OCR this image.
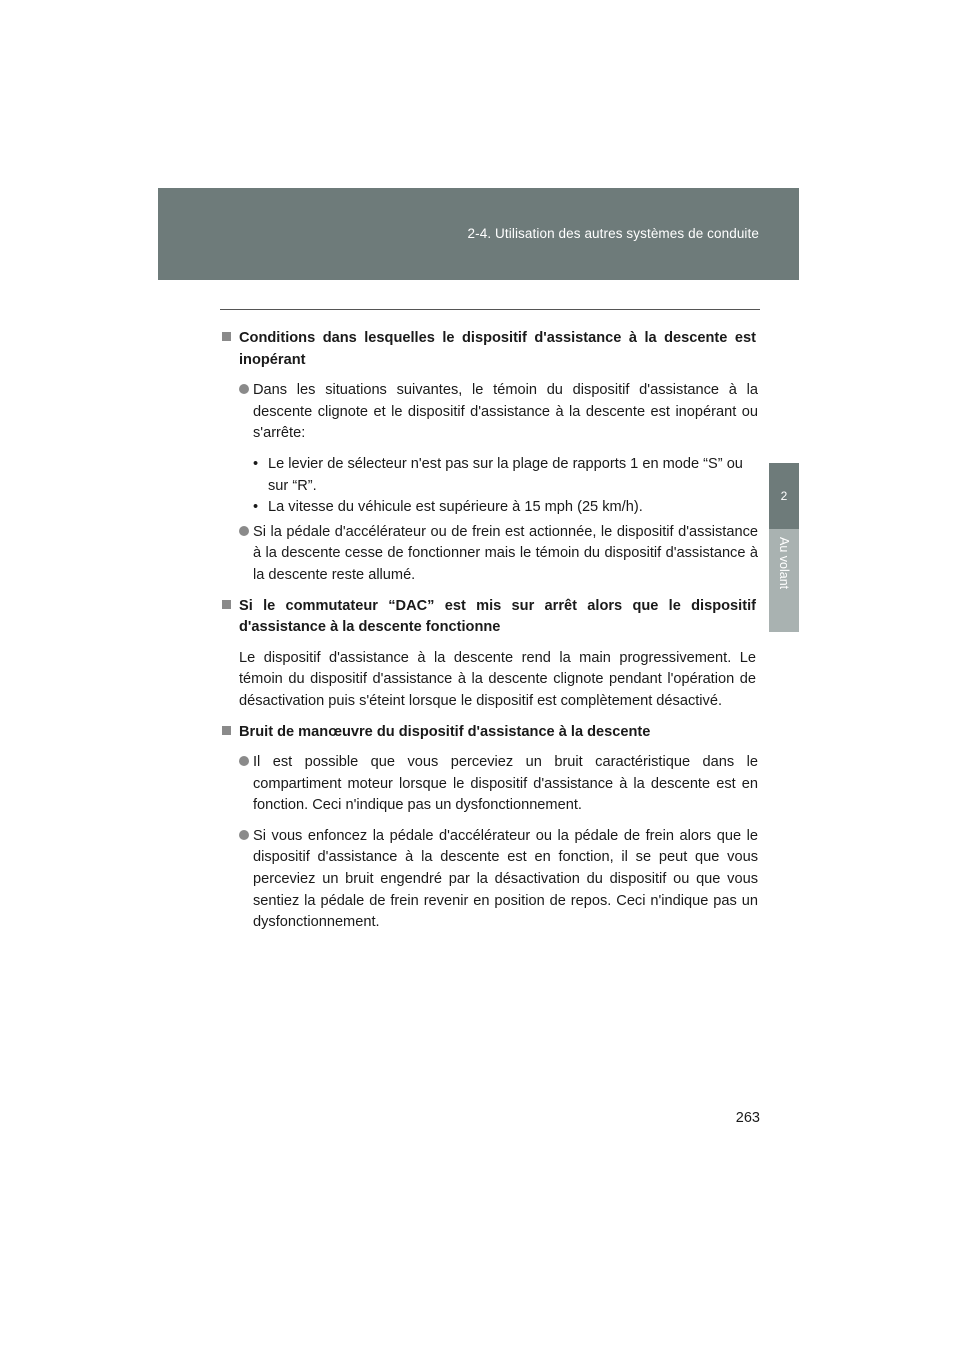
2-4. Utilisation des autres systèmes de conduite
2
Au volant
Conditions dans lesquelles le dispositif d'assistance à la descente est inopérant
Dans les situations suivantes, le témoin du dispositif d'assistance à la descente clignote et le dispositif d'assistance à la descente est inopérant ou s'arrête:
• Le levier de sélecteur n'est pas sur la plage de rapports 1 en mode “S” ou sur “R”.
• La vitesse du véhicule est supérieure à 15 mph (25 km/h).
Si la pédale d'accélérateur ou de frein est actionnée, le dispositif d'assistance à la descente cesse de fonctionner mais le témoin du dispositif d'assistance à la descente reste allumé.
Si le commutateur “DAC” est mis sur arrêt alors que le dispositif d'assistance à la descente fonctionne
Le dispositif d'assistance à la descente rend la main progressivement. Le témoin du dispositif d'assistance à la descente clignote pendant l'opération de désactivation puis s'éteint lorsque le dispositif est complètement désactivé.
Bruit de manœuvre du dispositif d'assistance à la descente
Il est possible que vous perceviez un bruit caractéristique dans le compartiment moteur lorsque le dispositif d'assistance à la descente est en fonction. Ceci n'indique pas un dysfonctionnement.
Si vous enfoncez la pédale d'accélérateur ou la pédale de frein alors que le dispositif d'assistance à la descente est en fonction, il se peut que vous perceviez un bruit engendré par la désactivation du dispositif ou que vous sentiez la pédale de frein revenir en position de repos. Ceci n'indique pas un dysfonctionnement.
263
